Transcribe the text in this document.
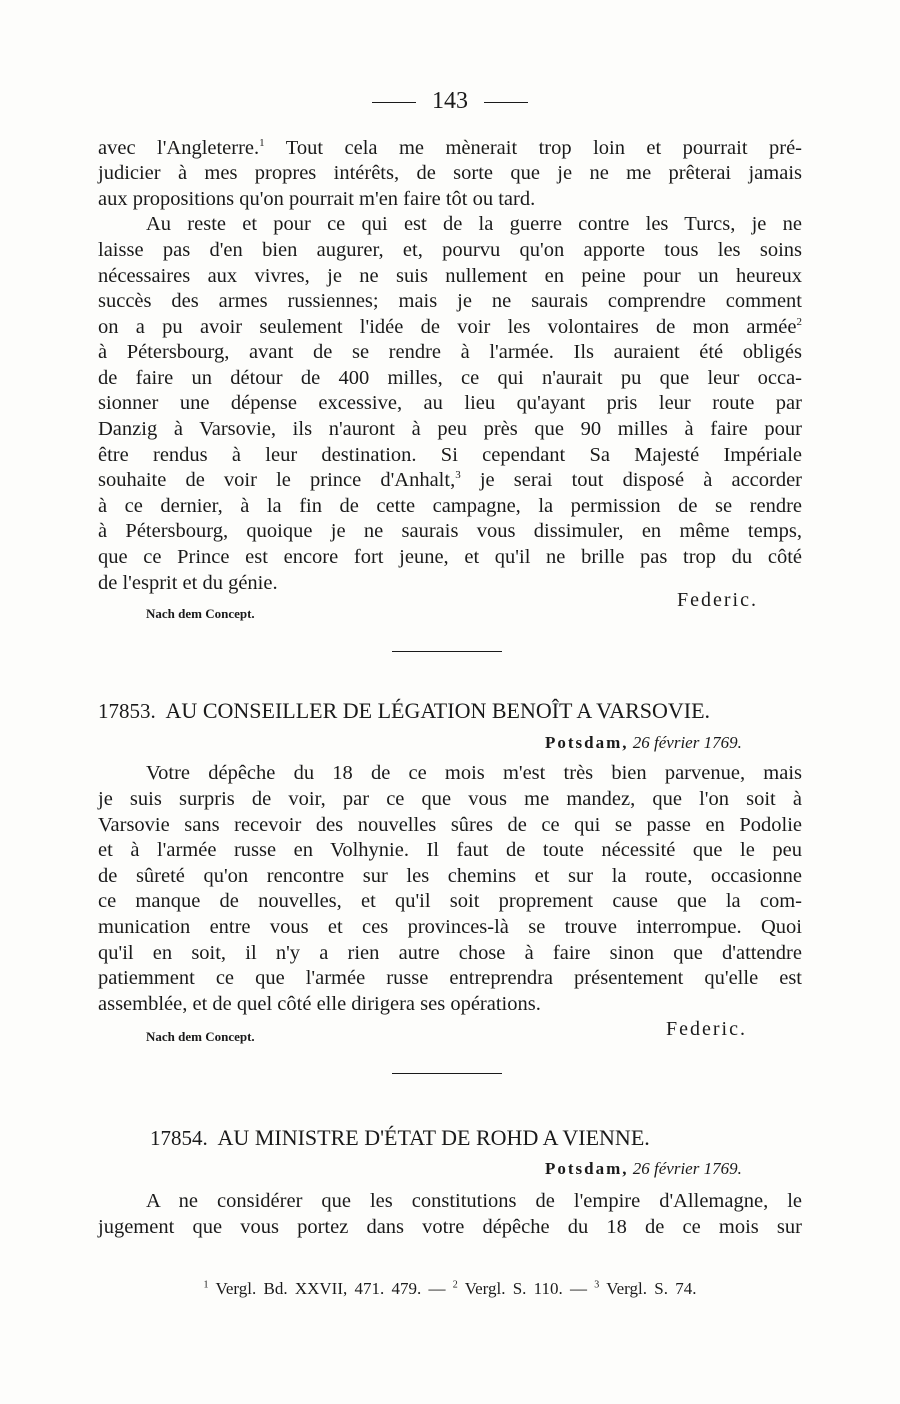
143
avec l'Angleterre.$^1$ Tout cela me mènerait trop loin et pourrait pré-
judicier à mes propres intérêts, de sorte que je ne me prêterai jamais
aux propositions qu'on pourrait m'en faire tôt ou tard.
Au reste et pour ce qui est de la guerre contre les Turcs, je ne
laisse pas d'en bien augurer, et, pourvu qu'on apporte tous les soins
nécessaires aux vivres, je ne suis nullement en peine pour un heureux
succès des armes russiennes; mais je ne saurais comprendre comment
on a pu avoir seulement l'idée de voir les volontaires de mon armée$^2$
à Pétersbourg, avant de se rendre à l'armée. Ils auraient été obligés
de faire un détour de 400 milles, ce qui n'aurait pu que leur occa-
sionner une dépense excessive, au lieu qu'ayant pris leur route par
Danzig à Varsovie, ils n'auront à peu près que 90 milles à faire pour
être rendus à leur destination. Si cependant Sa Majesté Impériale
souhaite de voir le prince d'Anhalt,$^3$ je serai tout disposé à accorder
à ce dernier, à la fin de cette campagne, la permission de se rendre
à Pétersbourg, quoique je ne saurais vous dissimuler, en même temps,
que ce Prince est encore fort jeune, et qu'il ne brille pas trop du côté
de l'esprit et du génie.
Federic.
Nach dem Concept.
17853. AU CONSEILLER DE LÉGATION BENOÎT A VARSOVIE.
Potsdam, 26 février 1769.
Votre dépêche du 18 de ce mois m'est très bien parvenue, mais
je suis surpris de voir, par ce que vous me mandez, que l'on soit à
Varsovie sans recevoir des nouvelles sûres de ce qui se passe en Podolie
et à l'armée russe en Volhynie. Il faut de toute nécessité que le peu
de sûreté qu'on rencontre sur les chemins et sur la route, occasionne
ce manque de nouvelles, et qu'il soit proprement cause que la com-
munication entre vous et ces provinces-là se trouve interrompue. Quoi
qu'il en soit, il n'y a rien autre chose à faire sinon que d'attendre
patiemment ce que l'armée russe entreprendra présentement qu'elle est
assemblée, et de quel côté elle dirigera ses opérations.
Federic.
Nach dem Concept.
17854. AU MINISTRE D'ÉTAT DE ROHD A VIENNE.
Potsdam, 26 février 1769.
A ne considérer que les constitutions de l'empire d'Allemagne, le
jugement que vous portez dans votre dépêche du 18 de ce mois sur
$^1$ Vergl. Bd. XXVII, 471. 479. — $^2$ Vergl. S. 110. — $^3$ Vergl. S. 74.
